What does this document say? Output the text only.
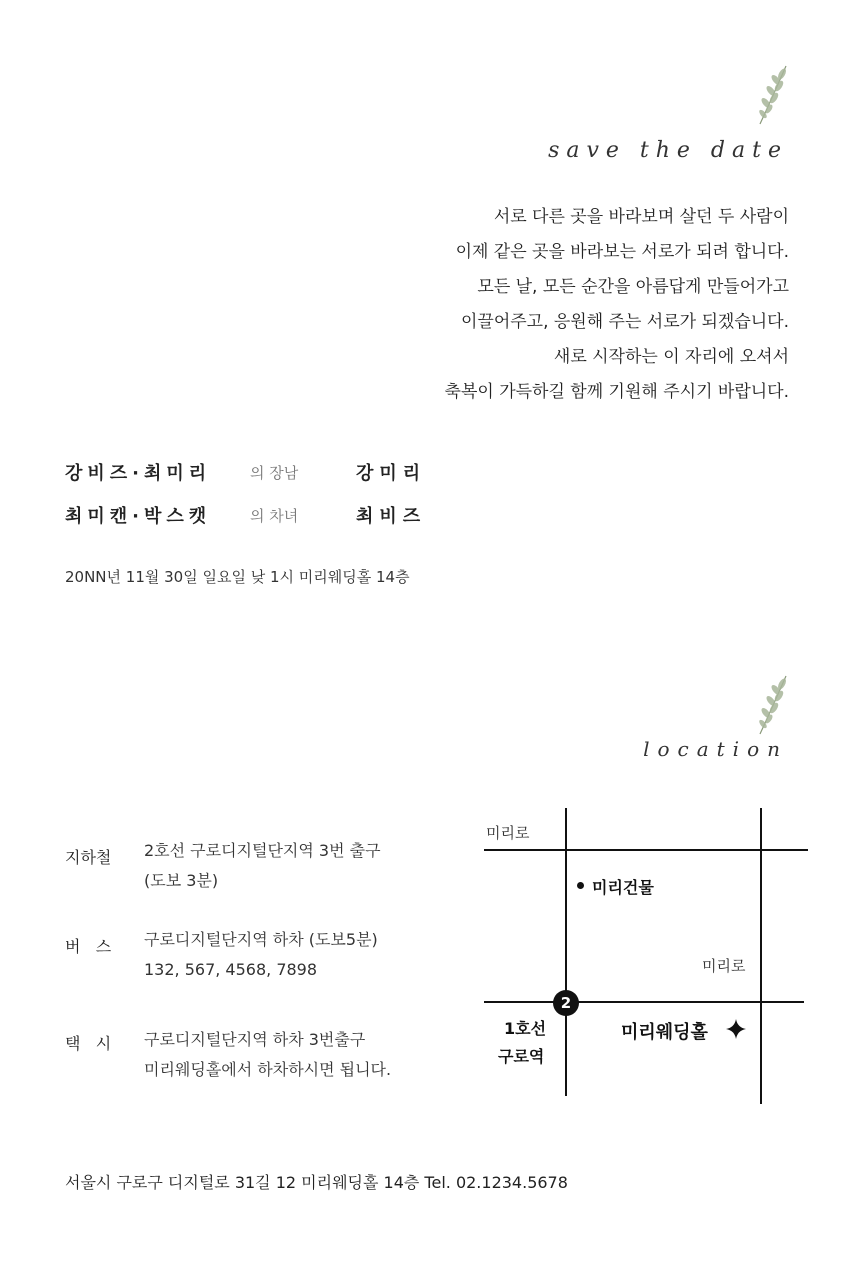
save the date
서로 다른 곳을 바라보며 살던 두 사람이
이제 같은 곳을 바라보는 서로가 되려 합니다.
모든 날, 모든 순간을 아름답게 만들어가고
이끌어주고, 응원해 주는 서로가 되겠습니다.
새로 시작하는 이 자리에 오셔서
축복이 가득하길 함께 기원해 주시기 바랍니다.
강비즈·최미리	의 장남	강미리
최미캔·박스캣	의 차녀	최비즈
20NN년 11월 30일 일요일 낮 1시 미리웨딩홀 14층
location
지하철 2호선 구로디지털단지역 3번 출구
(도보 3분)
버   스 구로디지털단지역 하차 (도보5분)
132, 567, 4568, 7898
택   시 구로디지털단지역 하차 3번출구
미리웨딩홀에서 하차하시면 됩니다.
미리로
미리건물
미리로
2
1호선
구로역
미리웨딩홀
서울시 구로구 디지털로 31길 12 미리웨딩홀 14층 Tel. 02.1234.5678
